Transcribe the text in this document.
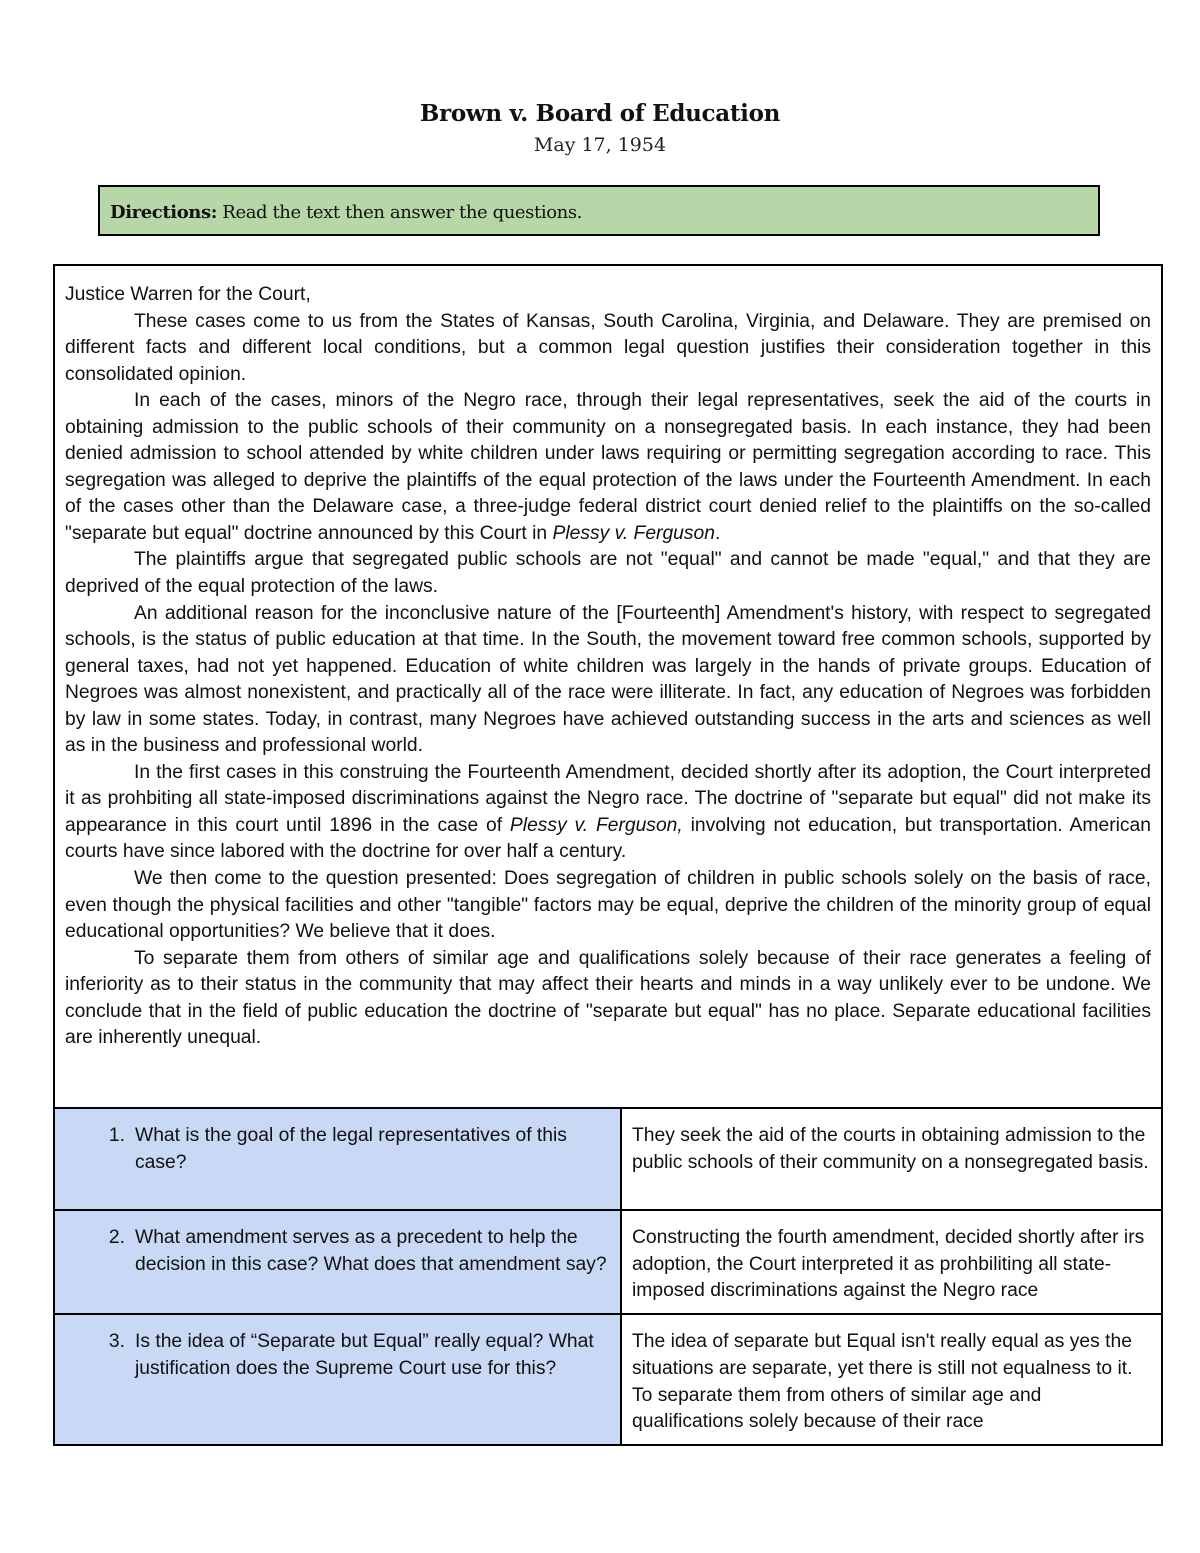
Brown v. Board of Education
May 17, 1954
Directions: Read the text then answer the questions.

Justice Warren for the Court,

These cases come to us from the States of Kansas, South Carolina, Virginia, and Delaware. They are premised on different facts and different local conditions, but a common legal question justifies their consideration together in this consolidated opinion.

In each of the cases, minors of the Negro race, through their legal representatives, seek the aid of the courts in obtaining admission to the public schools of their community on a nonsegregated basis. In each instance, they had been denied admission to school attended by white children under laws requiring or permitting segregation according to race. This segregation was alleged to deprive the plaintiffs of the equal protection of the laws under the Fourteenth Amendment. In each of the cases other than the Delaware case, a three-judge federal district court denied relief to the plaintiffs on the so-called "separate but equal" doctrine announced by this Court in Plessy v. Ferguson.

The plaintiffs argue that segregated public schools are not "equal" and cannot be made "equal," and that they are deprived of the equal protection of the laws.

An additional reason for the inconclusive nature of the [Fourteenth] Amendment's history, with respect to segregated schools, is the status of public education at that time. In the South, the movement toward free common schools, supported by general taxes, had not yet happened. Education of white children was largely in the hands of private groups. Education of Negroes was almost nonexistent, and practically all of the race were illiterate. In fact, any education of Negroes was forbidden by law in some states. Today, in contrast, many Negroes have achieved outstanding success in the arts and sciences as well as in the business and professional world.

In the first cases in this construing the Fourteenth Amendment, decided shortly after its adoption, the Court interpreted it as prohbiting all state-imposed discriminations against the Negro race. The doctrine of "separate but equal" did not make its appearance in this court until 1896 in the case of Plessy v. Ferguson, involving not education, but transportation. American courts have since labored with the doctrine for over half a century.

We then come to the question presented: Does segregation of children in public schools solely on the basis of race, even though the physical facilities and other "tangible" factors may be equal, deprive the children of the minority group of equal educational opportunities? We believe that it does.

To separate them from others of similar age and qualifications solely because of their race generates a feeling of inferiority as to their status in the community that may affect their hearts and minds in a way unlikely ever to be undone. We conclude that in the field of public education the doctrine of "separate but equal" has no place. Separate educational facilities are inherently unequal.

1. What is the goal of the legal representatives of this case?	They seek the aid of the courts in obtaining admission to the public schools of their community on a nonsegregated basis.

2. What amendment serves as a precedent to help the decision in this case? What does that amendment say?	Constructing the fourth amendment, decided shortly after irs adoption, the Court interpreted it as prohbiliting all state-imposed discriminations against the Negro race

3. Is the idea of “Separate but Equal” really equal? What justification does the Supreme Court use for this?	The idea of separate but Equal isn't really equal as yes the situations are separate, yet there is still not equalness to it. To separate them from others of similar age and qualifications solely because of their race
